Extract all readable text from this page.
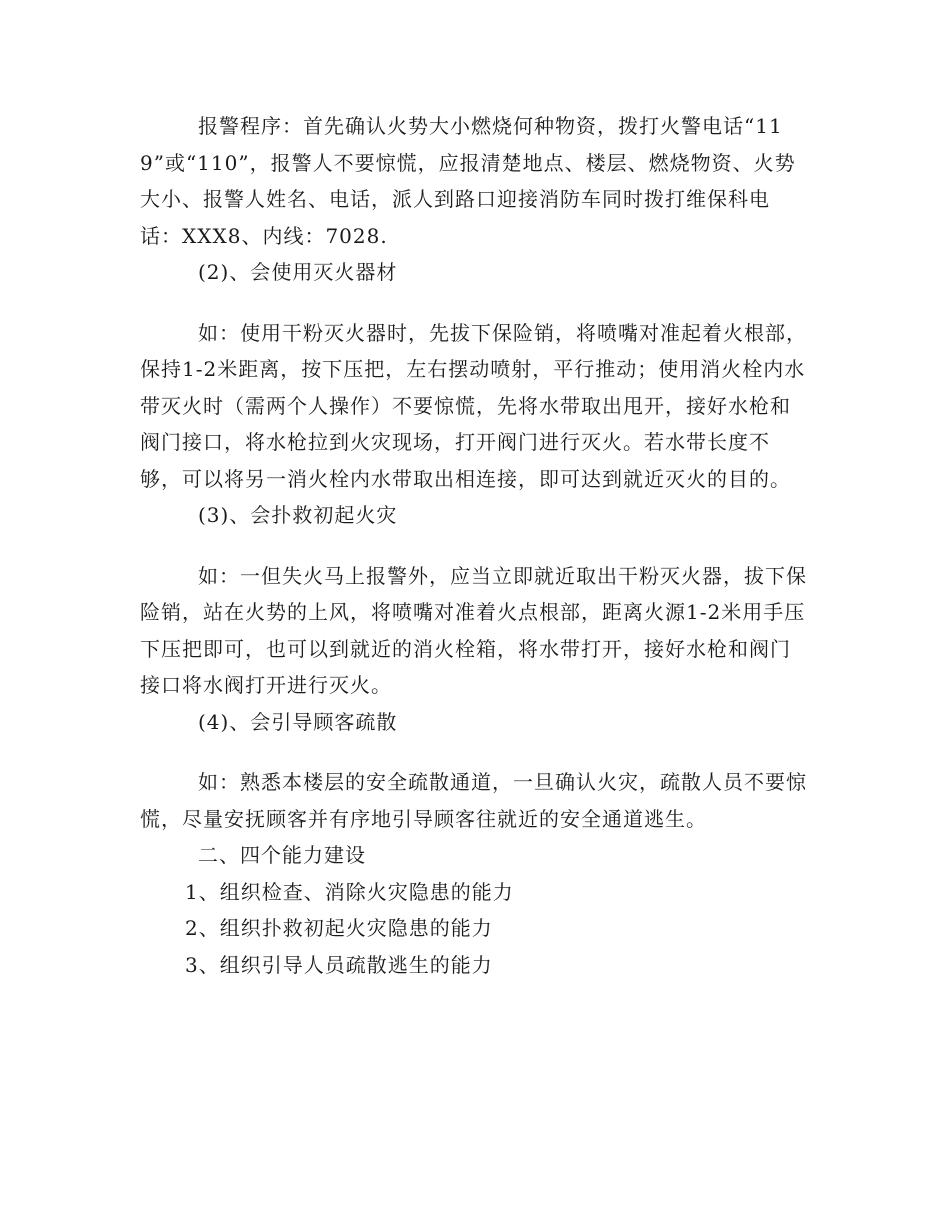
报警程序：首先确认火势大小燃烧何种物资，拨打火警电话“119”或“110”，报警人不要惊慌，应报清楚地点、楼层、燃烧物资、火势大小、报警人姓名、电话，派人到路口迎接消防车同时拨打维保科电话：XXX8、内线：7028.

(2)、会使用灭火器材

如：使用干粉灭火器时，先拔下保险销，将喷嘴对准起着火根部，保持1-2米距离，按下压把，左右摆动喷射，平行推动；使用消火栓内水带灭火时（需两个人操作）不要惊慌，先将水带取出甩开，接好水枪和阀门接口，将水枪拉到火灾现场，打开阀门进行灭火。若水带长度不够，可以将另一消火栓内水带取出相连接，即可达到就近灭火的目的。

(3)、会扑救初起火灾

如：一但失火马上报警外，应当立即就近取出干粉灭火器，拔下保险销，站在火势的上风，将喷嘴对准着火点根部，距离火源1-2米用手压下压把即可，也可以到就近的消火栓箱，将水带打开，接好水枪和阀门接口将水阀打开进行灭火。

(4)、会引导顾客疏散

如：熟悉本楼层的安全疏散通道，一旦确认火灾，疏散人员不要惊慌，尽量安抚顾客并有序地引导顾客往就近的安全通道逃生。

二、四个能力建设

1、组织检查、消除火灾隐患的能力

2、组织扑救初起火灾隐患的能力

3、组织引导人员疏散逃生的能力
